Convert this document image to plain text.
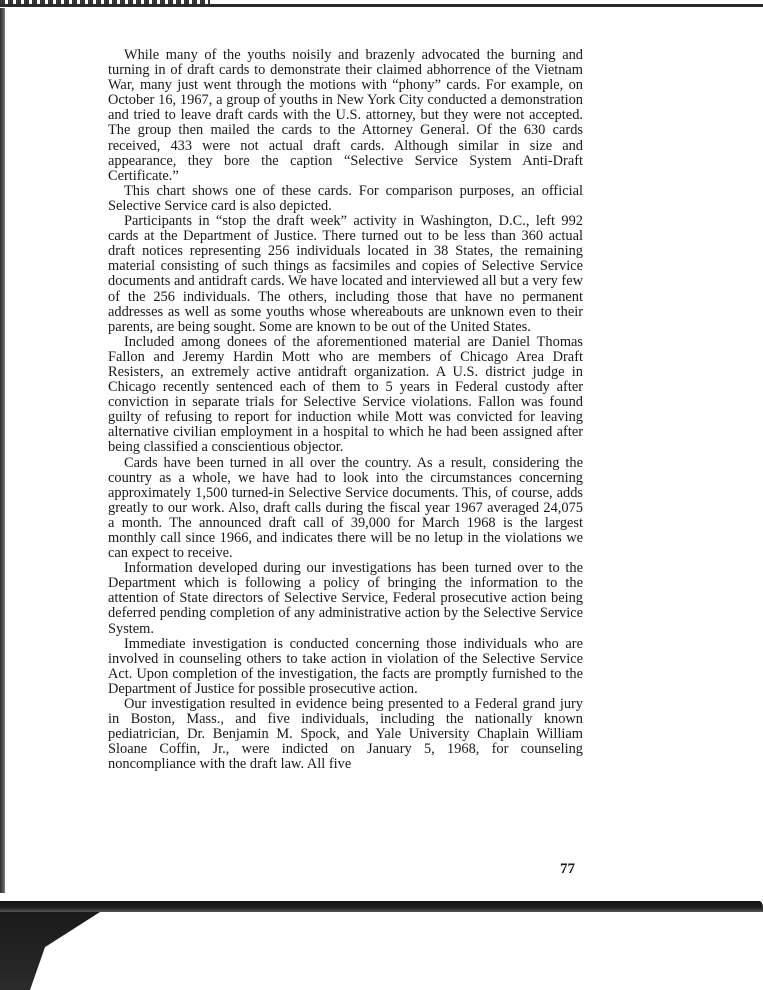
While many of the youths noisily and brazenly advocated the burning and turning in of draft cards to demonstrate their claimed abhorrence of the Vietnam War, many just went through the motions with “phony” cards. For example, on October 16, 1967, a group of youths in New York City conducted a demonstration and tried to leave draft cards with the U.S. attorney, but they were not accepted. The group then mailed the cards to the Attorney General. Of the 630 cards received, 433 were not actual draft cards. Although similar in size and appearance, they bore the caption “Selective Service System Anti-Draft Certificate.”

This chart shows one of these cards. For comparison purposes, an official Selective Service card is also depicted.

Participants in “stop the draft week” activity in Washington, D.C., left 992 cards at the Department of Justice. There turned out to be less than 360 actual draft notices representing 256 individuals located in 38 States, the remaining material consisting of such things as facsimiles and copies of Selective Service documents and antidraft cards. We have located and interviewed all but a very few of the 256 individuals. The others, including those that have no permanent addresses as well as some youths whose whereabouts are unknown even to their parents, are being sought. Some are known to be out of the United States.

Included among donees of the aforementioned material are Daniel Thomas Fallon and Jeremy Hardin Mott who are members of Chicago Area Draft Resisters, an extremely active antidraft organization. A U.S. district judge in Chicago recently sentenced each of them to 5 years in Federal custody after conviction in separate trials for Selective Service violations. Fallon was found guilty of refusing to report for induction while Mott was convicted for leaving alternative civilian employment in a hospital to which he had been assigned after being classified a conscientious objector.

Cards have been turned in all over the country. As a result, considering the country as a whole, we have had to look into the circumstances concerning approximately 1,500 turned-in Selective Service documents. This, of course, adds greatly to our work. Also, draft calls during the fiscal year 1967 averaged 24,075 a month. The announced draft call of 39,000 for March 1968 is the largest monthly call since 1966, and indicates there will be no letup in the violations we can expect to receive.

Information developed during our investigations has been turned over to the Department which is following a policy of bringing the information to the attention of State directors of Selective Service, Federal prosecutive action being deferred pending completion of any administrative action by the Selective Service System.

Immediate investigation is conducted concerning those individuals who are involved in counseling others to take action in violation of the Selective Service Act. Upon completion of the investigation, the facts are promptly furnished to the Department of Justice for possible prosecutive action.

Our investigation resulted in evidence being presented to a Federal grand jury in Boston, Mass., and five individuals, including the nationally known pediatrician, Dr. Benjamin M. Spock, and Yale University Chaplain William Sloane Coffin, Jr., were indicted on January 5, 1968, for counseling noncompliance with the draft law. All five

77
